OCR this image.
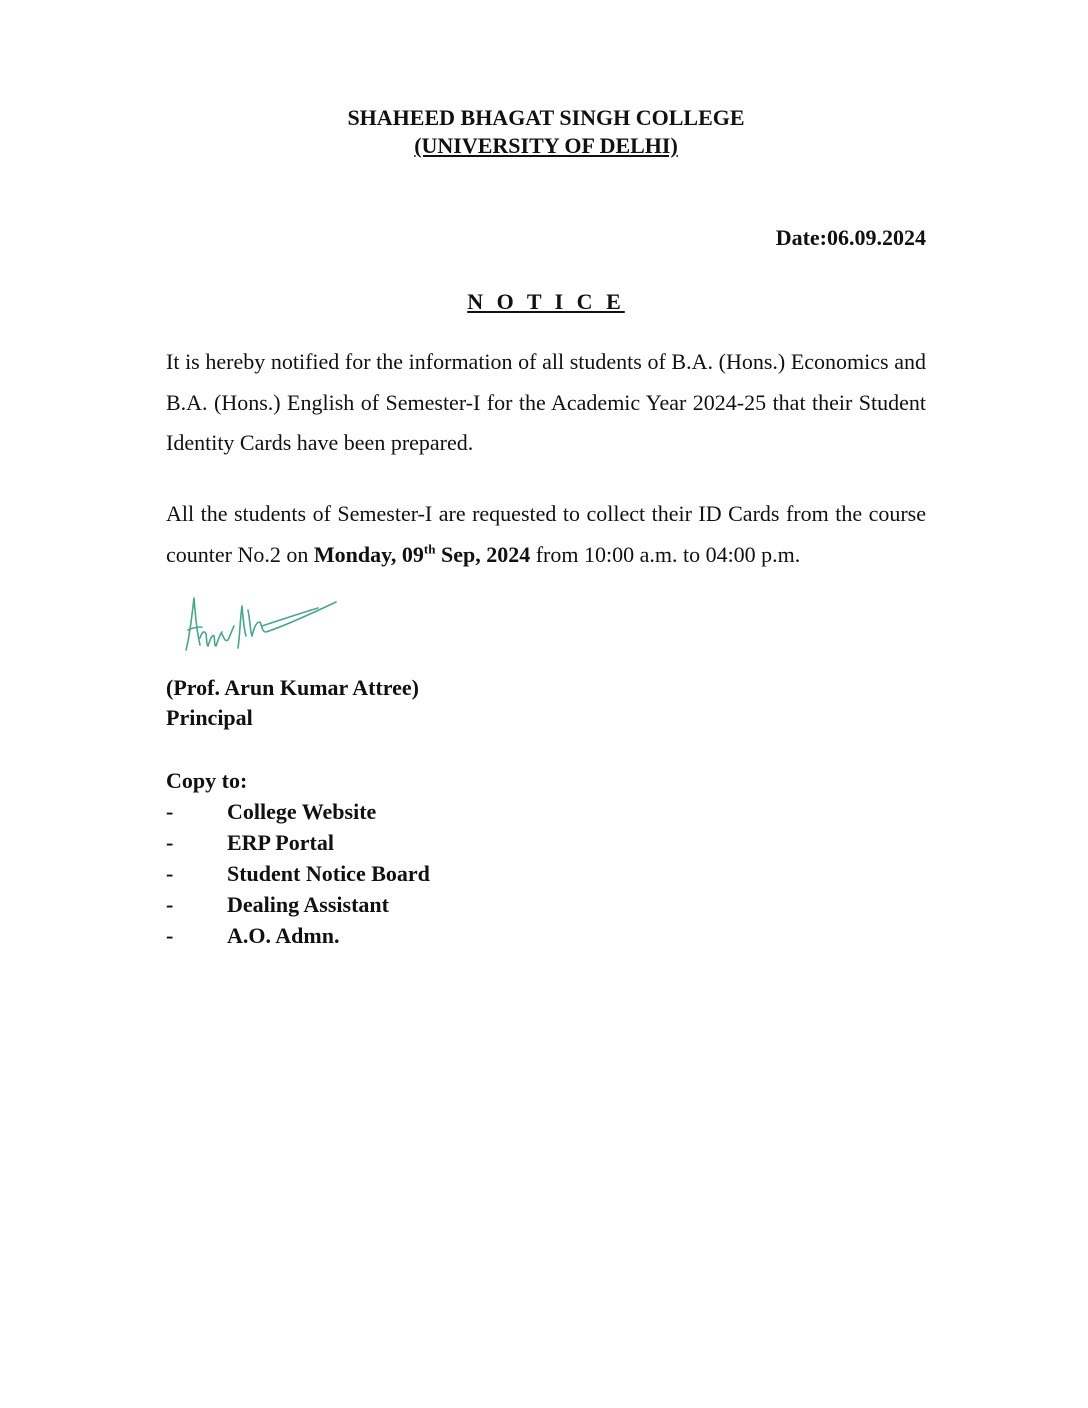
SHAHEED BHAGAT SINGH COLLEGE
(UNIVERSITY OF DELHI)
Date:06.09.2024
N O T I C E
It is hereby notified for the information of all students of B.A. (Hons.) Economics and B.A. (Hons.) English of Semester-I for the Academic Year 2024-25 that their Student Identity Cards have been prepared.
All the students of Semester-I are requested to collect their ID Cards from the course counter No.2 on Monday, 09th Sep, 2024 from 10:00 a.m. to 04:00 p.m.
(Prof. Arun Kumar Attree)
Principal
Copy to:
- College Website
- ERP Portal
- Student Notice Board
- Dealing Assistant
- A.O. Admn.
